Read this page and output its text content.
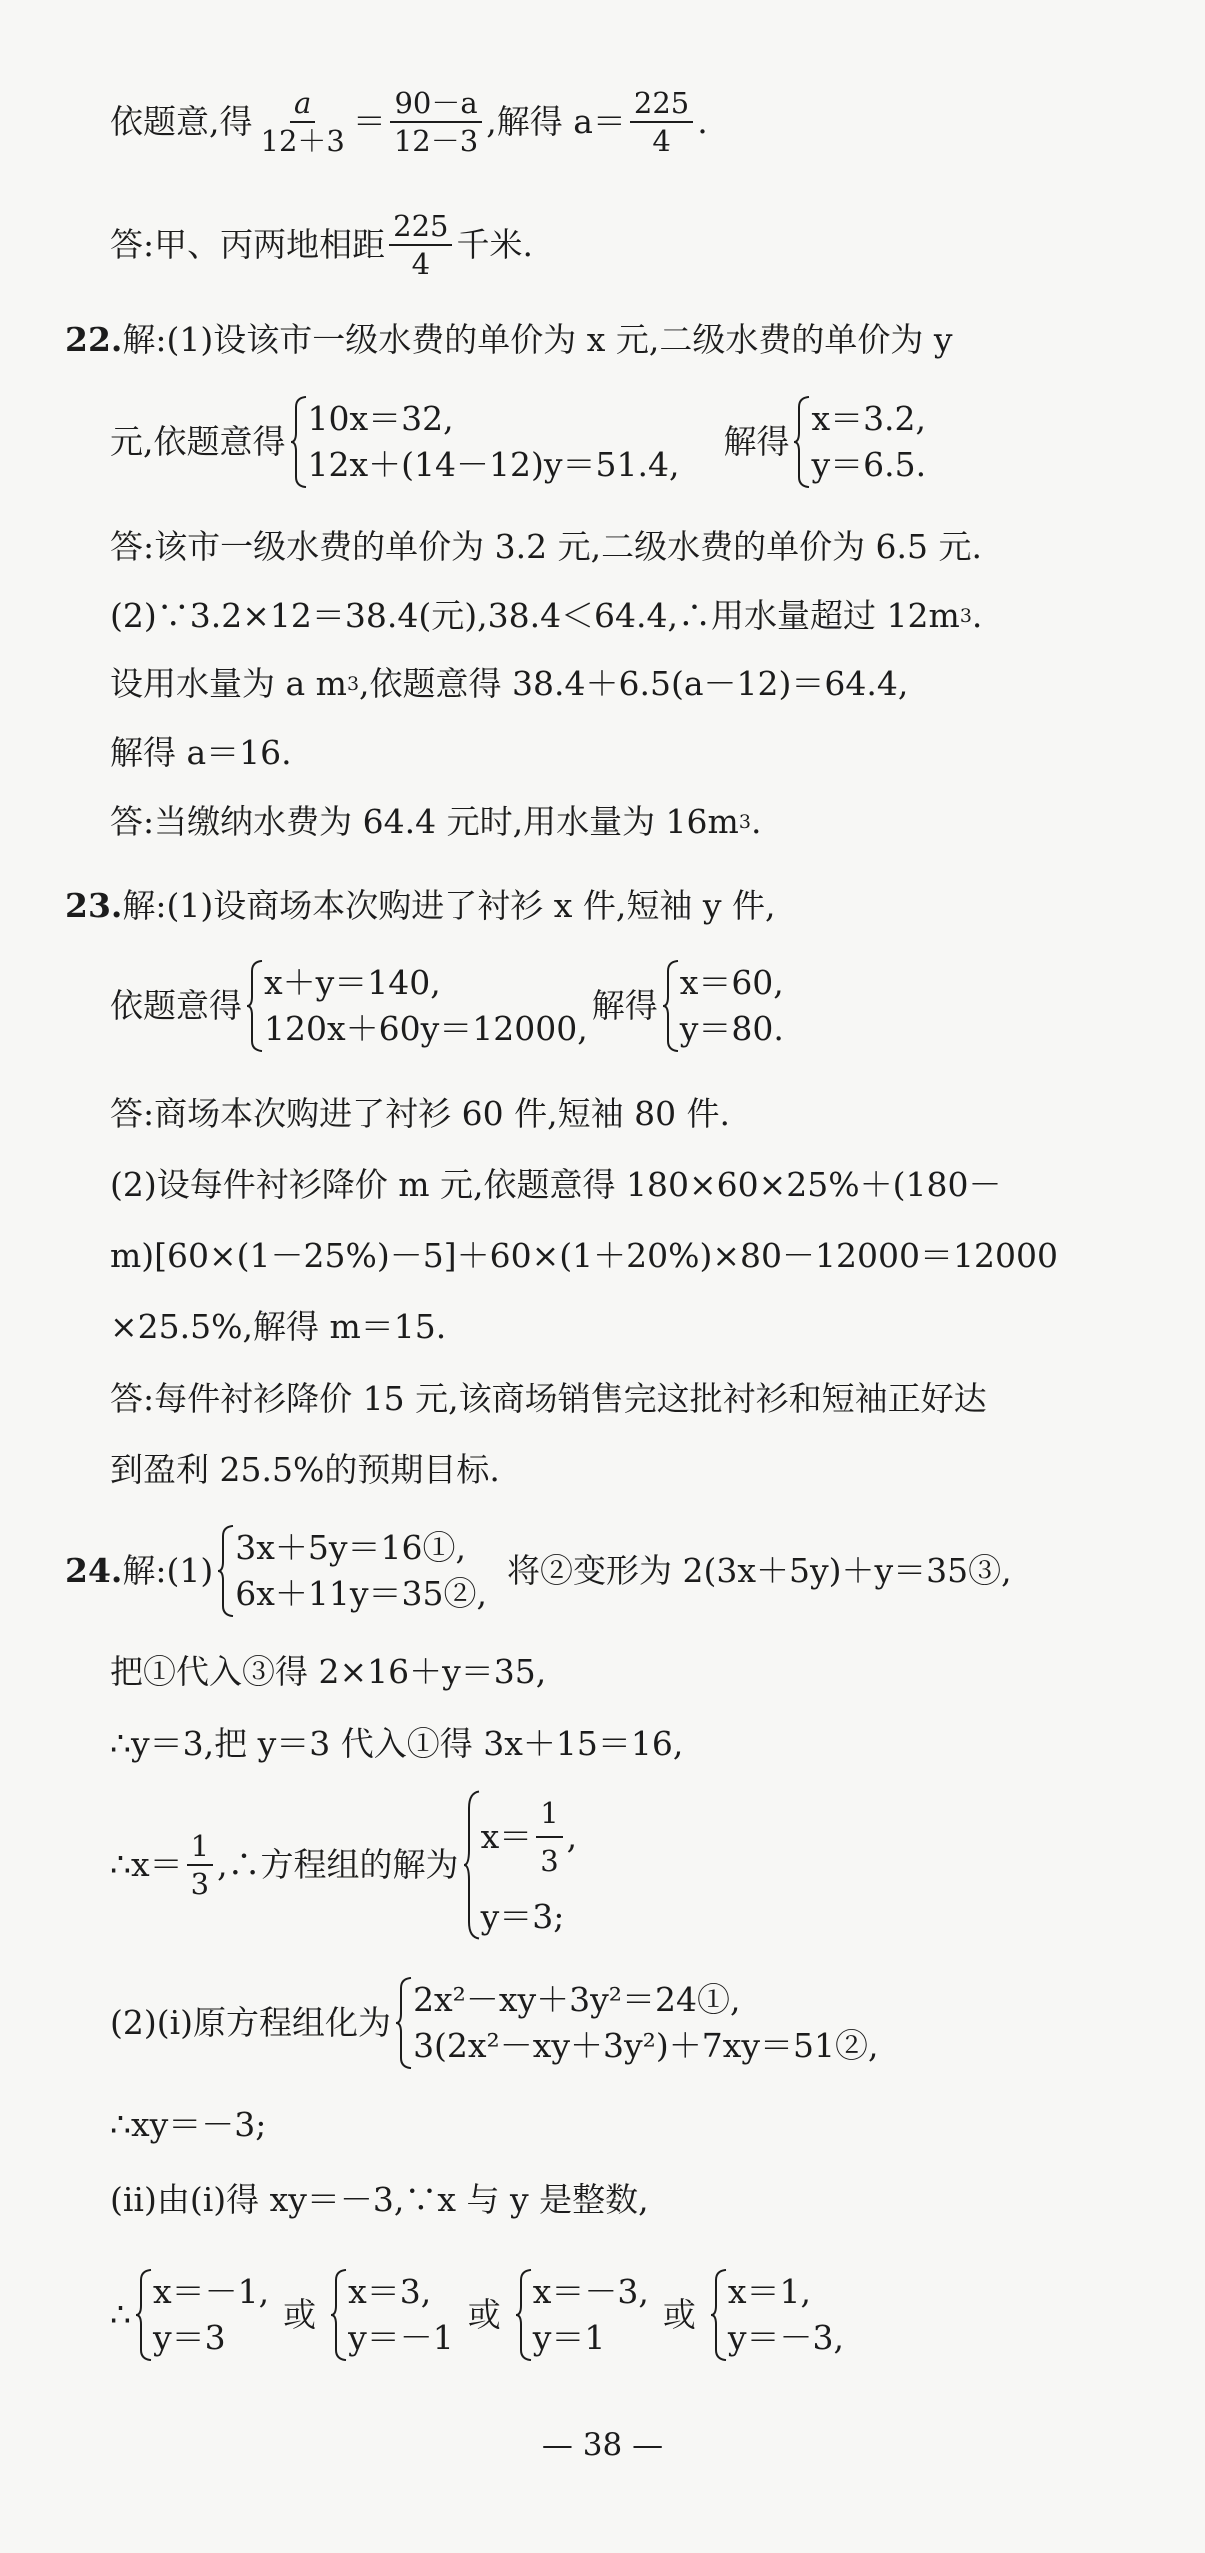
依题意,得 $\frac{a}{12+3} = \frac{90-a}{12-3}$ ,解得 $a= \frac{225}{4}$ .
答:甲、丙两地相距 $\frac{225}{4}$ 千米.
22. 解:(1)设该市一级水费的单价为 x 元,二级水费的单价为 y
元,依题意得
10x＝32,
12x＋(14－12)y＝51.4,
解得
x＝3.2,
y＝6.5.
答:该市一级水费的单价为 3.2 元,二级水费的单价为 6.5 元.
(2)∵3.2×12＝38.4(元),38.4＜64.4,∴用水量超过 12m 3 .
设用水量为 a m 3 ,依题意得 38.4＋6.5(a－12)＝64.4,
解得 a＝16.
答:当缴纳水费为 64.4 元时,用水量为 16m 3 .
23. 解:(1)设商场本次购进了衬衫 x 件,短袖 y 件,
依题意得
x＋y＝140,
120x＋60y＝12000,
解得
x＝60,
y＝80.
答:商场本次购进了衬衫 60 件,短袖 80 件.
(2)设每件衬衫降价 m 元,依题意得 180×60×25%＋(180－
m)[60×(1－25%)－5]＋60×(1＋20%)×80－12000＝12000
×25.5%,解得 m＝15.
答:每件衬衫降价 15 元,该商场销售完这批衬衫和短袖正好达
到盈利 25.5%的预期目标.
24. 解:(1)
3x＋5y＝16①,
6x＋11y＝35②,
将②变形为 2(3x＋5y)＋y＝35③,
把①代入③得 2×16＋y＝35,
∴y＝3,把 y＝3 代入①得 3x＋15＝16,
∴x＝ $\frac{1}{3}$ ,∴方程组的解为
$x= \frac{1}{3}$ ,
y＝3;
(2)(i)原方程组化为
2x²－xy＋3y²＝24①,
3(2x²－xy＋3y²)＋7xy＝51②,
∴xy＝－3;
(ii)由(i)得 xy＝－3,∵x 与 y 是整数,
∴
x＝－1,
y＝3
或
x＝3,
y＝－1
或
x＝－3,
y＝1
或
x＝1,
y＝－3,
— 38 —
